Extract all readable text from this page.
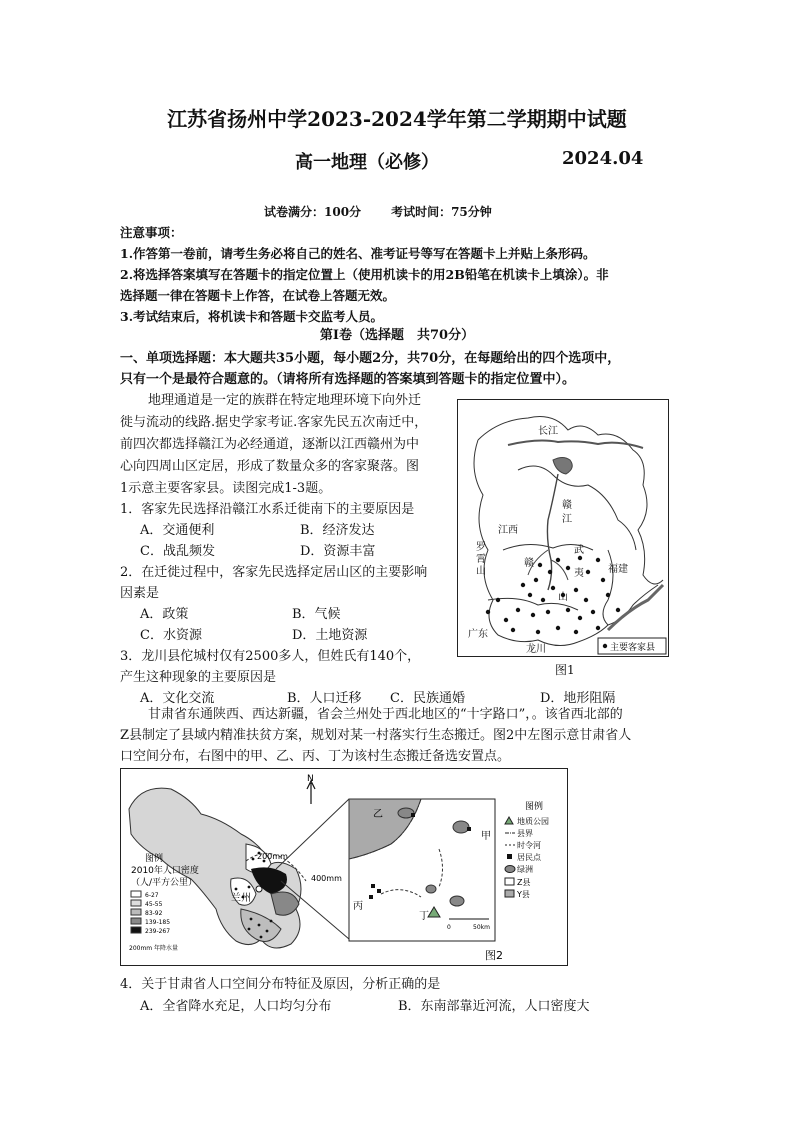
江苏省扬州中学2023-2024学年第二学期期中试题
高一地理（必修）	2024.04
试卷满分：100分	考试时间：75分钟
注意事项：
1.作答第一卷前，请考生务必将自己的姓名、准考证号等写在答题卡上并贴上条形码。
2.将选择答案填写在答题卡的指定位置上（使用机读卡的用2B铅笔在机读卡上填涂）。非
选择题一律在答题卡上作答，在试卷上答题无效。
3.考试结束后，将机读卡和答题卡交监考人员。
第Ⅰ卷（选择题　共70分）
一、单项选择题：本大题共35小题，每小题2分，共70分，在每题给出的四个选项中，
只有一个是最符合题意的。（请将所有选择题的答案填到答题卡的指定位置中）。
地理通道是一定的族群在特定地理环境下向外迁
徙与流动的线路.据史学家考证.客家先民五次南迁中，
前四次都选择赣江为必经通道，逐渐以江西赣州为中
心向四周山区定居，形成了数量众多的客家聚落。图
1示意主要客家县。读图完成1-3题。
1．客家先民选择沿赣江水系迁徙南下的主要原因是
A．交通便利	B．经济发达
C．战乱频发	D．资源丰富
2．在迁徙过程中，客家先民选择定居山区的主要影响
因素是
A．政策	B．气候
C．水资源	D．土地资源
3．龙川县佗城村仅有2500多人，但姓氏有140个，
产生这种现象的主要原因是
A．文化交流	B．人口迁移 C．民族通婚	D．地形阻隔
长江
赣
江
江西
罗
霄
山
武
夷
山
赣
福建
广东
龙川	主要客家县
图1
甘肃省东通陕西、西达新疆，省会兰州处于西北地区的“十字路口”，。该省西北部的
Z县制定了县域内精准扶贫方案，规划对某一村落实行生态搬迁。图2中左图示意甘肃省人
口空间分布，右图中的甲、乙、丙、丁为该村生态搬迁备选安置点。
兰州
200mm
400mm
N
图例
2010年人口密度
（人/平方公里）
6-27
45-55
83-92
139-185
239-267
200mm 年降水量
乙
甲
丙
丁
0	50km
图例
地质公园
县界
时令河
居民点
绿洲
Z县
Y县
图2
4．关于甘肃省人口空间分布特征及原因，分析正确的是
A．全省降水充足，人口均匀分布	B．东南部靠近河流，人口密度大
